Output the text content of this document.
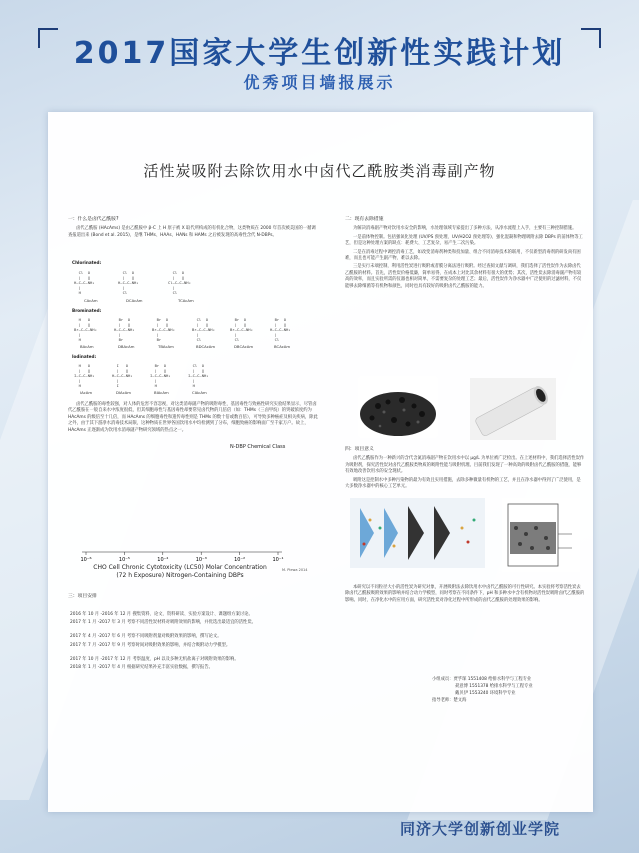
2017国家大学生创新性实践计划
优秀项目墙报展示
活性炭吸附去除饮用水中卤代乙酰胺类消毒副产物
一：什么是卤代乙酰胺?

卤代乙酰胺 (HAcAms) 是由乙酰胺中 β-C 上 H 原子被 X 取代所构成的有机化合物，这类物质在 2000 年首次被美国的一循调查报道出来 (Bond et al. 2015)，是继 THMs、HAAs、HANs 和 HAMs 之后被发现的高毒性含代 N-DBPs。

Chlorinated:
Cl  O
|   ‖
H—C—C—NH₂
|
H
CAcAm
Cl  O
|   ‖
H—C—C—NH₂
|
Cl
DCAcAm
Cl  O
|   ‖
Cl—C—C—NH₂
|
Cl
TCAcAm
Brominated:
H   O
|   ‖
Br—C—C—NH₂
|
H
BAcAm
Br  O
|   ‖
H—C—C—NH₂
|
Br
DBAcAm
Br  O
|   ‖
Br—C—C—NH₂
|
Br
TBAcAm
Cl  O
|   ‖
Br—C—C—NH₂
|
Cl
BDCAcAm
Br  O
|   ‖
Br—C—C—NH₂
|
Cl
DBCAcAm
Br  O
|   ‖
H—C—C—NH₂
|
Cl
BCAcAm
Iodinated:
H   O
|   ‖
I—C—C—NH₂
|
H
IAcAm
I   O
|   ‖
H—C—C—NH₂
|
I
DIAcAm
Br  O
|   ‖
I—C—C—NH₂
|
H
BIAcAm
Cl  O
|   ‖
I—C—C—NH₂
|
H
CIAcAm

卤代乙酰胺的毒性较强，对人体的危害不容忽视，对这类消毒副产物的吸附毒性、基因毒性与致癌性研究实验结果显示，尽管卤代乙酰胺在一般自来水中浓度很低，但其细胞毒性与基因毒性却要常见卤代物的几倍倍（如：THMs（三卤甲烷）的突破浓度约为 HAcAms 的级倍至十几倍，而 HAcAms 的细胞毒性和遗传毒性则是 THMs 的数十倍或数百倍），可导致多种癌症及相关疾病，除此之外，由于其下游净水消毒技术局限，这种物质在世界各国饮用水中均检测到了分布，细胞致癌的影响面广至千家万户。故上，HAcAms 正逐渐成为饮用水消毒副产物研究领域的热点之一。

N-DBP Chemical Class
10⁻⁶	10⁻⁵	10⁻⁴	10⁻³	10⁻²	10⁻¹
CHO Cell Chronic Cytotoxicity (LC50) Molar Concentration
(72 h Exposure) Nitrogen-Containing DBPs
M. Plewa 2014
三：项目安排
2016 年 10 月 -2016 年 12 月 搜集资料、论文、资料研读、实验方案设计、课题组方案讨论。
2017 年 1 月 -2017 年 3 月 考察不同活性炭材料对吸附效果的影响，并优选出最适宜的活性炭。
2017 年 4 月 -2017 年 6 月 考察不同吸附剂量对吸附效果的影响，撰写论文。
2017 年 7 月 -2017 年 9 月 考察时间对吸附效果的影响，并结合吸附动力学模型。
2017 年 10 月 -2017 年 12 月 考察温度、pH 以及多种无机盐离子对吸附效果的影响。
2018 年 1 月 -2017 年 4 月 根据研究结果补充丰富实验数据，撰写报告。
二：现有去除措施

为解决消毒副产物对饮用水安全的影响，水处理领域专家提出了多种方法，从净水流程上入手，主要有三种控制措施。

一是前体物控制。包括强氧化处理 (UV/PS 预处理、UV/H2O2 预处理等)、强化混凝和物理吸附去除 DBPs 的前体物等工艺，但是这种处理方案的缺点：耗费大、工艺复杂，易产生二次污染。

二是在消毒过程中调控消毒工艺，如改变消毒剂种类和投加量、组合不同消毒技术的联用，不仅新型消毒剂的研发尚有困难，而且也可能产生副产物，难以去除。

三是实行末端控制，利用活性炭进行吸附或者膜分离法进行吸附。经过查阅文献与调研，我们选择了活性炭作为去除卤代乙酰胺的材料。首先，活性炭价格低廉，简单易得，在成本上对比其余材料有很大的优势；其次，活性炭去除消毒副产物有较高的效率，而且实验所需的仪器也相对简单，不需要复杂的处理工艺；最后，活性炭作为净水器中广泛使用的过滤材料，不仅能够去除细菌等有机物和颜色，同时也具有较好的吸附卤代乙酰胺的能力。

四：项目意义

卤代乙酰胺作为一种新兴的含代含氮消毒副产物在饮用水中以 μg/L 为单位被广泛检出。在上述材料中，我们选择活性炭作为吸附剂，探究活性炭对卤代乙酰胺类物质的吸附性能与吸附机理。目前我们发现了一种高效的吸附卤代乙酰胺的措施，能够有效地改善饮用水的安全现状。

吸附这是控制水中多种污染物的最为有效且实用措施，去除多种微量有机物的工艺，并且在净水器中得到了广泛使用，是大多数净水器中的核心工艺单元。

本研究以不同粒径大小的活性炭为研究对象，开展吸附法去除饮用水中卤代乙酰胺的可行性研究。本实验将考察活性炭去除卤代乙酰胺吸附效果的影响并结合动力学模型，同时考察在不同条件下，pH 和多种水中含有机物对活性炭吸附卤代乙酰胺的影响。同时，在净化水中的应用方面，研究活性炭对净化过程中所形成的卤代乙酰胺的处理效果的影响。

小组成员：贾孚琛 1551408 给排水科学与工程专业
聂意博 1551378 给排水科学与工程专业
戴贝伊 1553240 环境科学专业
指导老师：楚文海
同济大学创新创业学院
